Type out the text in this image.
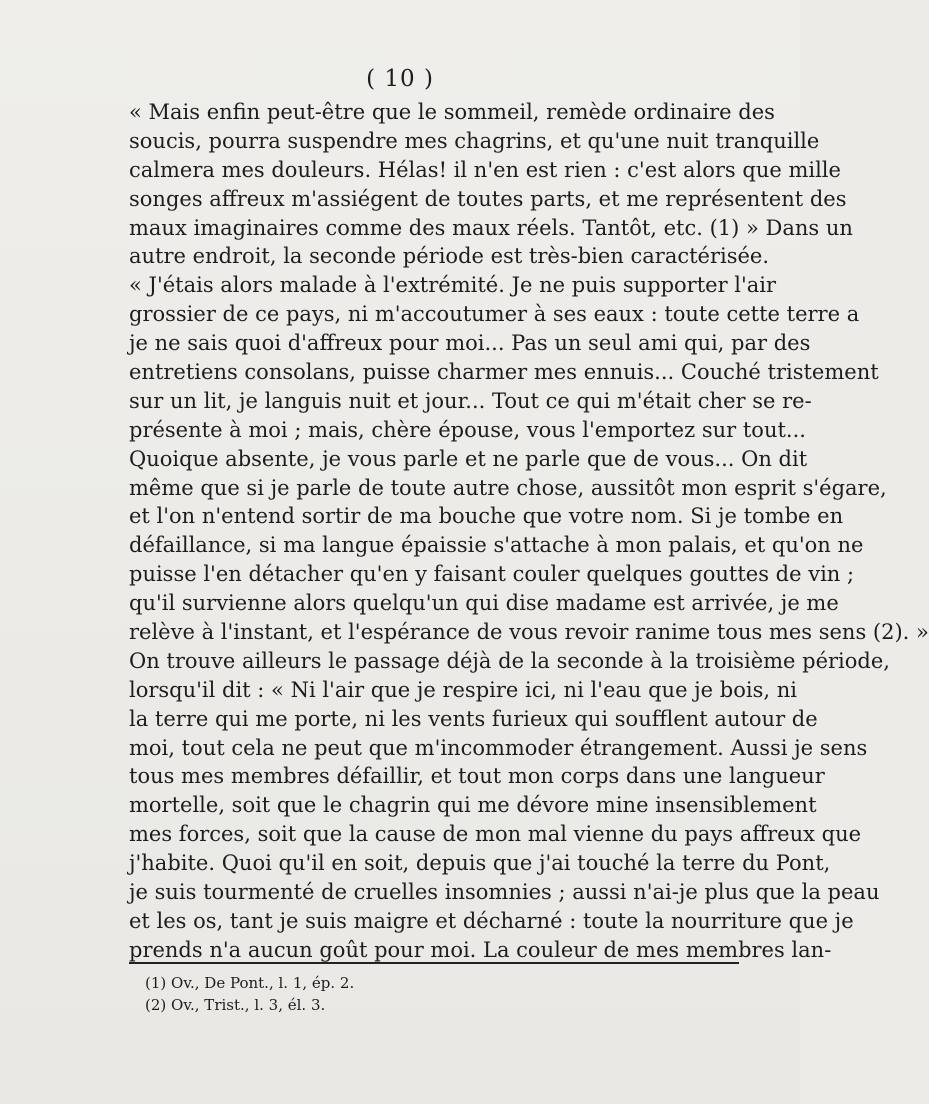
( 10 )
« Mais enfin peut-être que le sommeil, remède ordinaire des
soucis, pourra suspendre mes chagrins, et qu'une nuit tranquille
calmera mes douleurs. Hélas! il n'en est rien : c'est alors que mille
songes affreux m'assiégent de toutes parts, et me représentent des
maux imaginaires comme des maux réels. Tantôt, etc. (1) » Dans un
autre endroit, la seconde période est très-bien caractérisée.
« J'étais alors malade à l'extrémité. Je ne puis supporter l'air
grossier de ce pays, ni m'accoutumer à ses eaux : toute cette terre a
je ne sais quoi d'affreux pour moi... Pas un seul ami qui, par des
entretiens consolans, puisse charmer mes ennuis... Couché tristement
sur un lit, je languis nuit et jour... Tout ce qui m'était cher se re-
présente à moi ; mais, chère épouse, vous l'emportez sur tout...
Quoique absente, je vous parle et ne parle que de vous... On dit
même que si je parle de toute autre chose, aussitôt mon esprit s'égare,
et l'on n'entend sortir de ma bouche que votre nom. Si je tombe en
défaillance, si ma langue épaissie s'attache à mon palais, et qu'on ne
puisse l'en détacher qu'en y faisant couler quelques gouttes de vin ;
qu'il survienne alors quelqu'un qui dise madame est arrivée, je me
relève à l'instant, et l'espérance de vous revoir ranime tous mes sens (2). »
On trouve ailleurs le passage déjà de la seconde à la troisième période,
lorsqu'il dit : « Ni l'air que je respire ici, ni l'eau que je bois, ni
la terre qui me porte, ni les vents furieux qui soufflent autour de
moi, tout cela ne peut que m'incommoder étrangement. Aussi je sens
tous mes membres défaillir, et tout mon corps dans une langueur
mortelle, soit que le chagrin qui me dévore mine insensiblement
mes forces, soit que la cause de mon mal vienne du pays affreux que
j'habite. Quoi qu'il en soit, depuis que j'ai touché la terre du Pont,
je suis tourmenté de cruelles insomnies ; aussi n'ai-je plus que la peau
et les os, tant je suis maigre et décharné : toute la nourriture que je
prends n'a aucun goût pour moi. La couleur de mes membres lan-
(1) Ov., De Pont., l. 1, ép. 2.
(2) Ov., Trist., l. 3, él. 3.
